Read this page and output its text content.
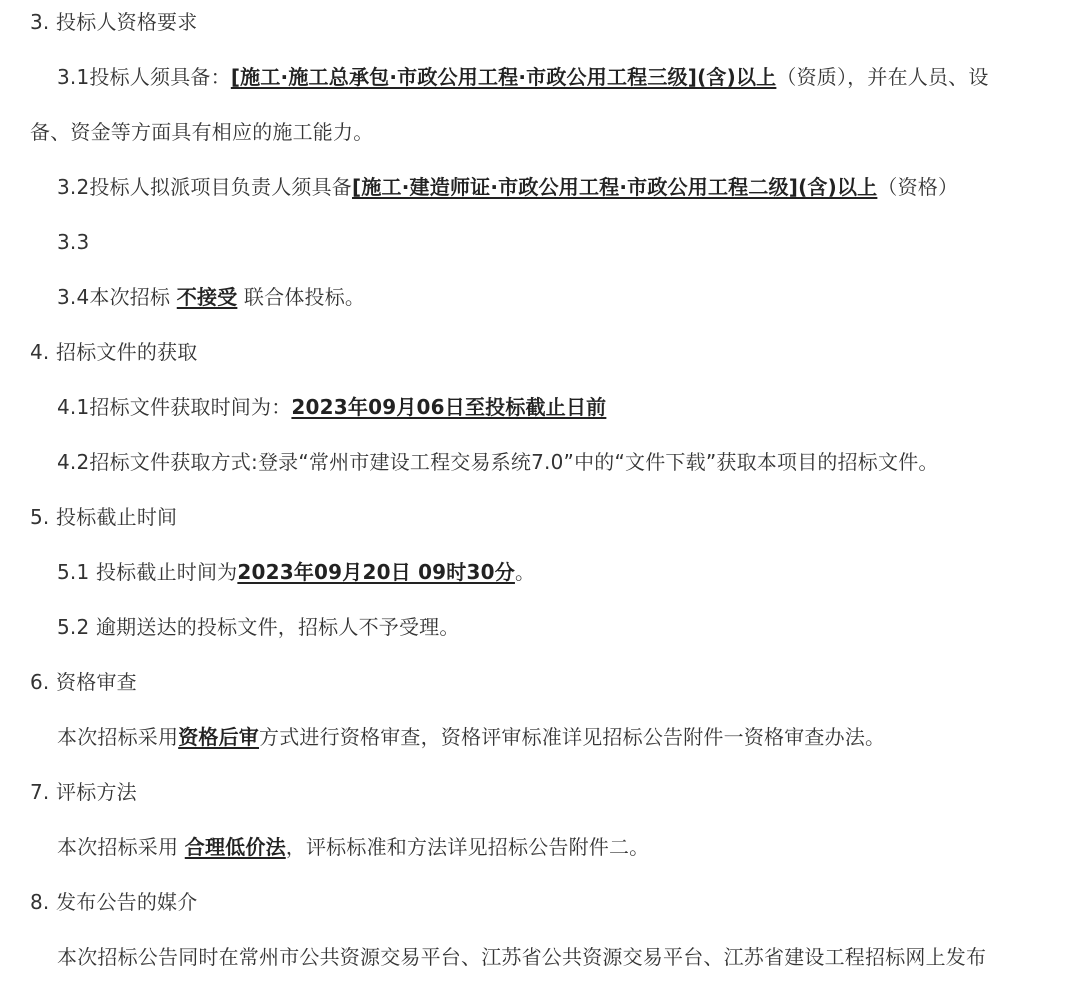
3. 投标人资格要求
3.1投标人须具备：[施工·施工总承包·市政公用工程·市政公用工程三级](含)以上（资质），并在人员、设
备、资金等方面具有相应的施工能力。
3.2投标人拟派项目负责人须具备[施工·建造师证·市政公用工程·市政公用工程二级](含)以上（资格）
3.3
3.4本次招标 不接受 联合体投标。
4. 招标文件的获取
4.1招标文件获取时间为：2023年09月06日至投标截止日前
4.2招标文件获取方式:登录“常州市建设工程交易系统7.0”中的“文件下载”获取本项目的招标文件。
5. 投标截止时间
5.1 投标截止时间为2023年09月20日 09时30分。
5.2 逾期送达的投标文件，招标人不予受理。
6. 资格审查
本次招标采用资格后审方式进行资格审查，资格评审标准详见招标公告附件一资格审查办法。
7. 评标方法
本次招标采用 合理低价法，评标标准和方法详见招标公告附件二。
8. 发布公告的媒介
本次招标公告同时在常州市公共资源交易平台、江苏省公共资源交易平台、江苏省建设工程招标网上发布
